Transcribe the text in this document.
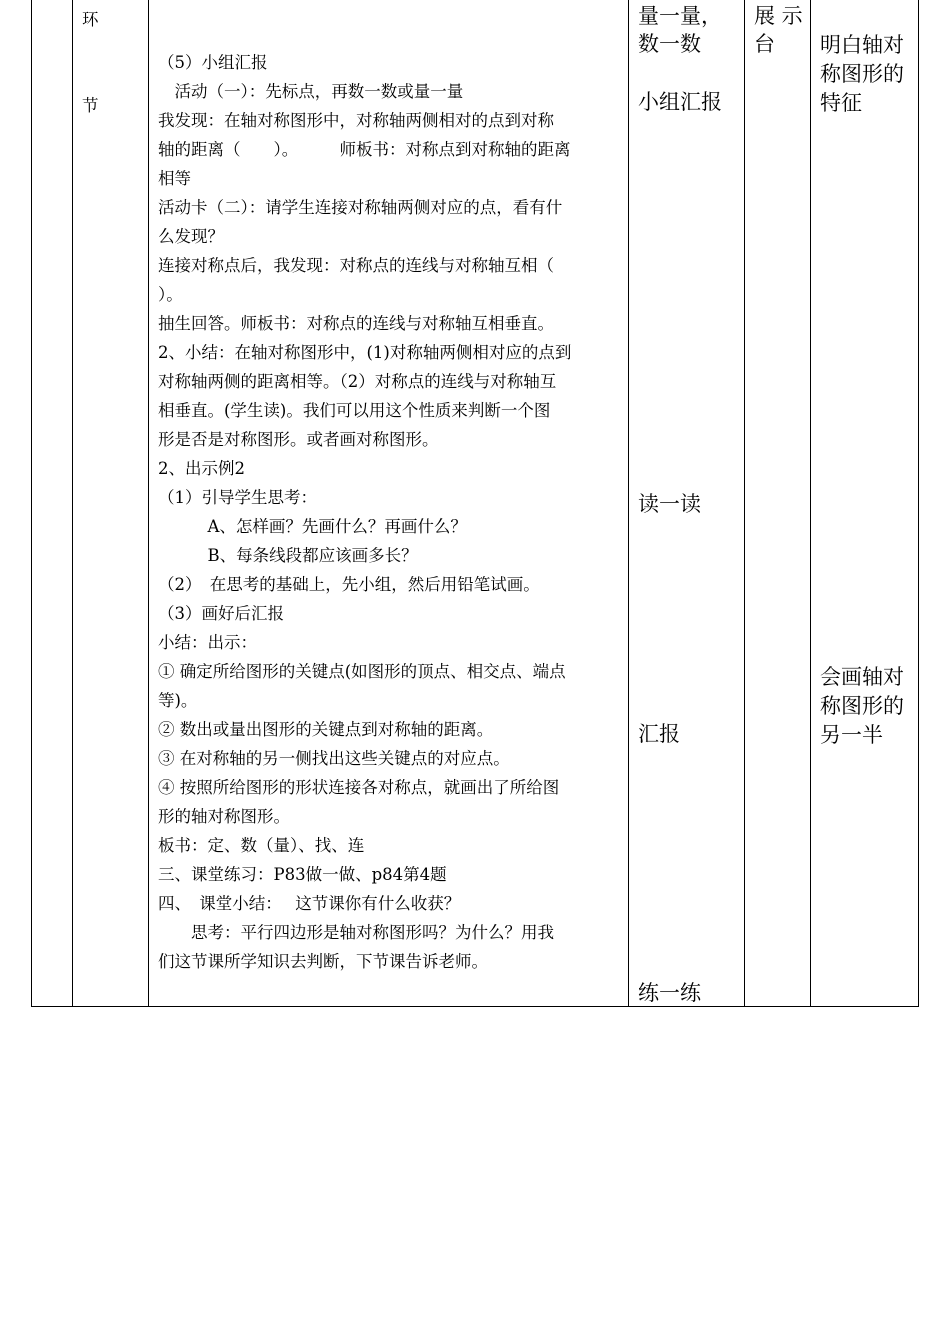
环
节
（5）小组汇报
　活动（一）：先标点，再数一数或量一量
我发现：在轴对称图形中，对称轴两侧相对的点到对称
轴的距离（　　）。　　　师板书：对称点到对称轴的距离
相等
活动卡（二）：请学生连接对称轴两侧对应的点，看有什
么发现？
连接对称点后，我发现：对称点的连线与对称轴互相（
）。
抽生回答。师板书：对称点的连线与对称轴互相垂直。
2、小结：在轴对称图形中，(1)对称轴两侧相对应的点到
对称轴两侧的距离相等。（2）对称点的连线与对称轴互
相垂直。(学生读)。我们可以用这个性质来判断一个图
形是否是对称图形。或者画对称图形。
2、出示例2
（1）引导学生思考：
　　　A、怎样画？先画什么？再画什么？
　　　B、每条线段都应该画多长？
（2）　在思考的基础上，先小组，然后用铅笔试画。
（3）画好后汇报
小结：出示：
① 确定所给图形的关键点(如图形的顶点、相交点、端点
等)。
② 数出或量出图形的关键点到对称轴的距离。
③ 在对称轴的另一侧找出这些关键点的对应点。
④ 按照所给图形的形状连接各对称点，就画出了所给图
形的轴对称图形。
板书：定、数（量）、找、连
三、课堂练习：P83做一做、p84第4题
四、　课堂小结：　 这节课你有什么收获？
　　思考：平行四边形是轴对称图形吗？为什么？用我
们这节课所学知识去判断，下节课告诉老师。
量一量，
数一数
小组汇报
读一读
汇报
练一练
展 示
台 明白轴对
称图形的
特征
会画轴对
称图形的
另一半
